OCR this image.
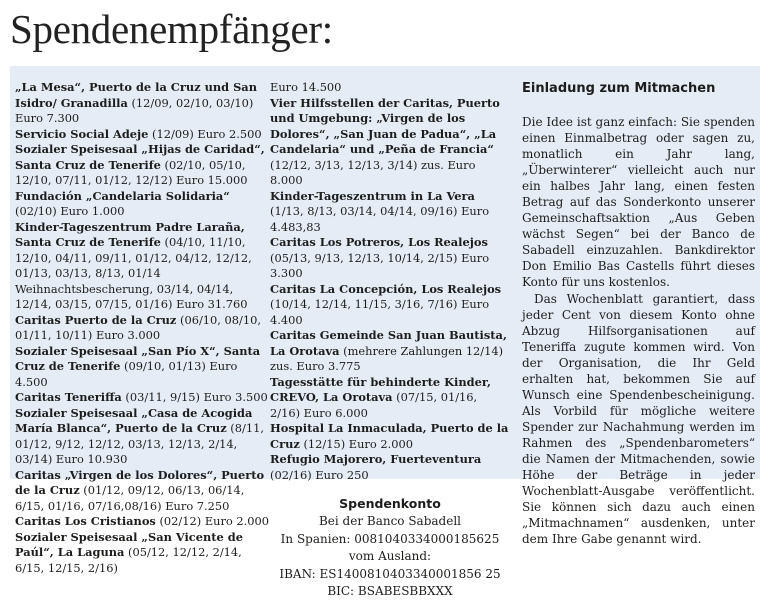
Spendenempfänger:

„La Mesa“, Puerto de la Cruz und San Isidro/ Granadilla (12/09, 02/10, 03/10) Euro 7.300

Servicio Social Adeje (12/09) Euro 2.500

Sozialer Speisesaal „Hijas de Caridad“, Santa Cruz de Tenerife (02/10, 05/10, 12/10, 07/11, 01/12, 12/12) Euro 15.000

Fundación „Candelaria Solidaria“ (02/10) Euro 1.000

Kinder-Tageszentrum Padre Laraña, Santa Cruz de Tenerife (04/10, 11/10, 12/10, 04/11, 09/11, 01/12, 04/12, 12/12, 01/13, 03/13, 8/13, 01/14 Weihnachtsbescherung, 03/14, 04/14, 12/14, 03/15, 07/15, 01/16) Euro 31.760

Caritas Puerto de la Cruz (06/10, 08/10, 01/11, 10/11) Euro 3.000

Sozialer Speisesaal „San Pío X“, Santa Cruz de Tenerife (09/10, 01/13) Euro 4.500

Caritas Teneriffa (03/11, 9/15) Euro 3.500

Sozialer Speisesaal „Casa de Acogida María Blanca“, Puerto de la Cruz (8/11, 01/12, 9/12, 12/12, 03/13, 12/13, 2/14, 03/14) Euro 10.930

Caritas „Virgen de los Dolores“, Puerto de la Cruz (01/12, 09/12, 06/13, 06/14, 6/15, 01/16, 07/16,08/16) Euro 7.250

Caritas Los Cristianos (02/12) Euro 2.000

Sozialer Speisesaal „San Vicente de Paúl“, La Laguna (05/12, 12/12, 2/14, 6/15, 12/15, 2/16)

Euro 14.500

Vier Hilfsstellen der Caritas, Puerto und Umgebung: „Virgen de los Dolores“, „San Juan de Padua“, „La Candelaria“ und „Peña de Francia“ (12/12, 3/13, 12/13, 3/14) zus. Euro 8.000

Kinder-Tageszentrum in La Vera (1/13, 8/13, 03/14, 04/14, 09/16) Euro 4.483,83

Caritas Los Potreros, Los Realejos (05/13, 9/13, 12/13, 10/14, 2/15) Euro 3.300

Caritas La Concepción, Los Realejos (10/14, 12/14, 11/15, 3/16, 7/16) Euro 4.400

Caritas Gemeinde San Juan Bautista, La Orotava (mehrere Zahlungen 12/14) zus. Euro 3.775

Tagesstätte für behinderte Kinder, CREVO, La Orotava (07/15, 01/16, 2/16) Euro 6.000

Hospital La Inmaculada, Puerto de la Cruz (12/15) Euro 2.000

Refugio Majorero, Fuerteventura (02/16) Euro 250

Spendenkonto
Bei der Banco Sabadell
In Spanien: 0081040334000185625
vom Ausland:
IBAN: ES1400810403340001856 25
BIC: BSABESBBXXX
Einladung zum Mitmachen

Die Idee ist ganz einfach: Sie spenden einen Einmalbetrag oder sagen zu, monatlich ein Jahr lang, „Überwinterer“ vielleicht auch nur ein halbes Jahr lang, einen festen Betrag auf das Sonderkonto unserer Gemeinschaftsaktion „Aus Geben wächst Segen“ bei der Banco de Sabadell einzuzahlen. Bankdirektor Don Emilio Bas Castells führt dieses Konto für uns kostenlos.

Das Wochenblatt garantiert, dass jeder Cent von diesem Konto ohne Abzug Hilfsorganisationen auf Teneriffa zugute kommen wird. Von der Organisation, die Ihr Geld erhalten hat, bekommen Sie auf Wunsch eine Spendenbescheinigung. Als Vorbild für mögliche weitere Spender zur Nachahmung werden im Rahmen des „Spendenbarometers“ die Namen der Mitmachenden, sowie Höhe der Beträge in jeder Wochenblatt-Ausgabe veröffentlicht. Sie können sich dazu auch einen „Mitmachnamen“ ausdenken, unter dem Ihre Gabe genannt wird.
